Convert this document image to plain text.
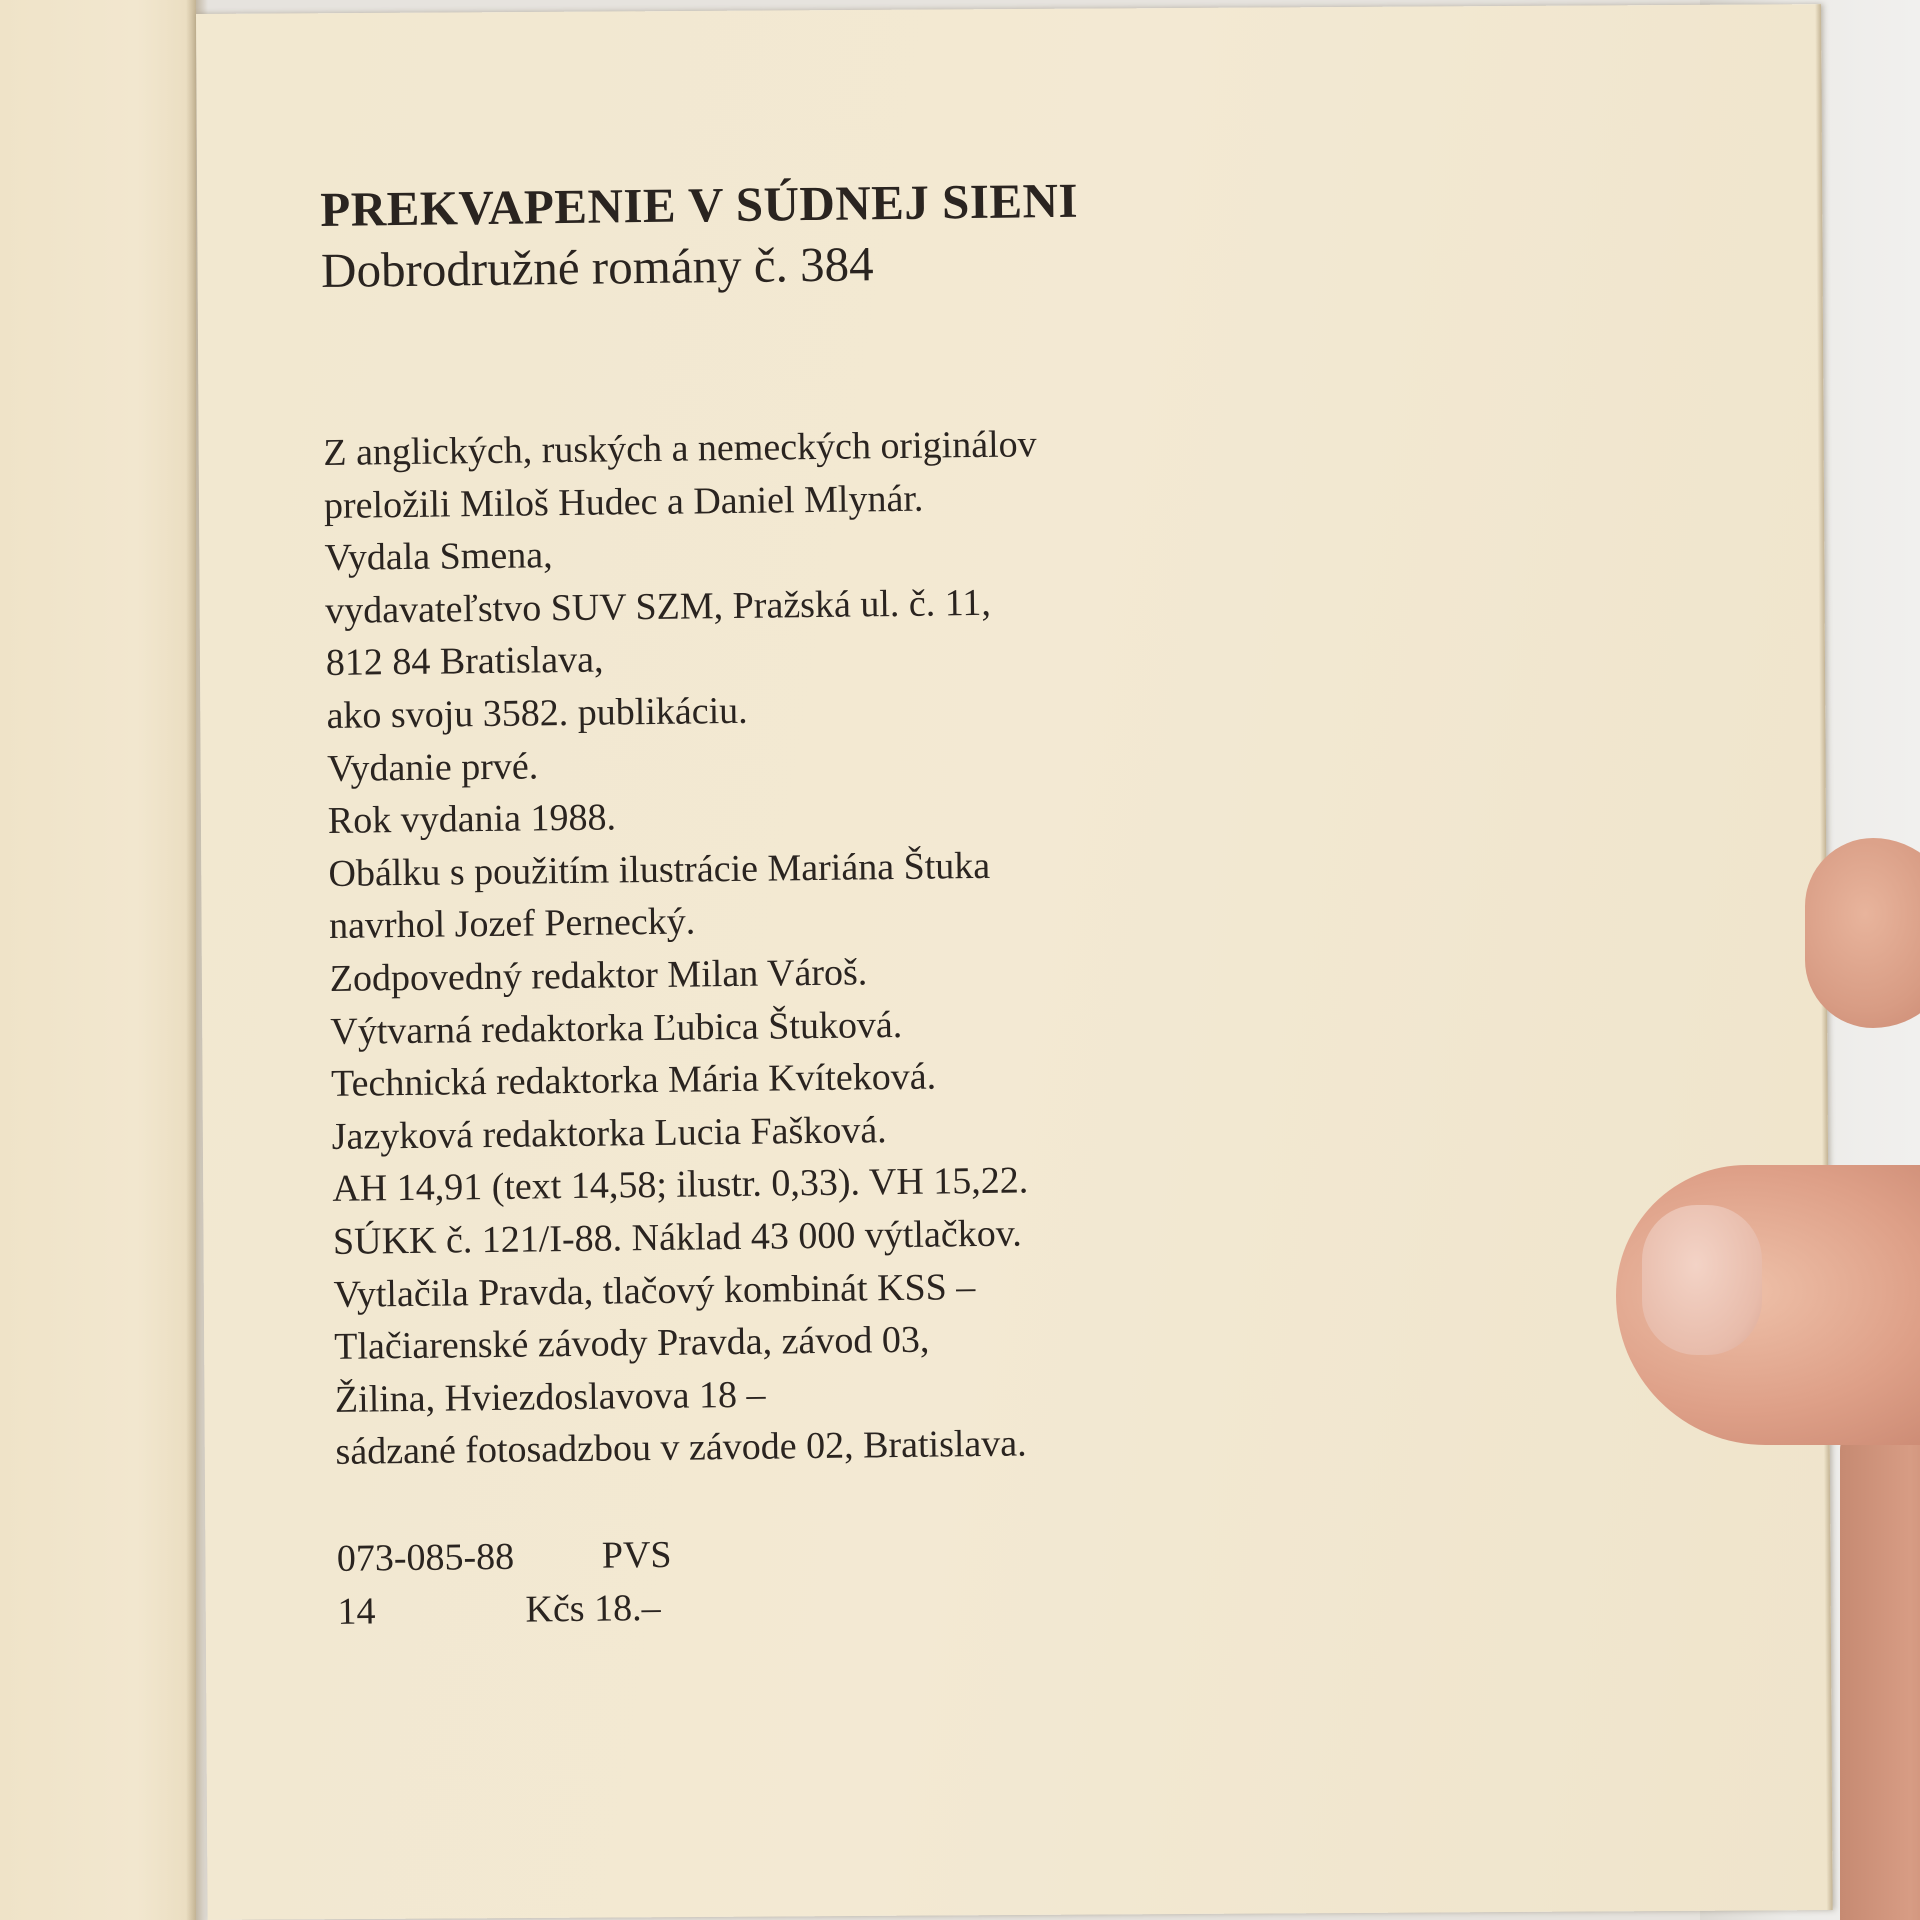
PREKVAPENIE V SÚDNEJ SIENI

Dobrodružné romány č. 384

Z anglických, ruských a nemeckých originálov
preložili Miloš Hudec a Daniel Mlynár.
Vydala Smena,
vydavateľstvo SUV SZM, Pražská ul. č. 11,
812 84 Bratislava,
ako svoju 3582. publikáciu.
Vydanie prvé.
Rok vydania 1988.
Obálku s použitím ilustrácie Mariána Štuka
navrhol Jozef Pernecký.
Zodpovedný redaktor Milan Vároš.
Výtvarná redaktorka Ľubica Štuková.
Technická redaktorka Mária Kvíteková.
Jazyková redaktorka Lucia Fašková.
AH 14,91 (text 14,58; ilustr. 0,33). VH 15,22.
SÚKK č. 121/I-88. Náklad 43 000 výtlačkov.
Vytlačila Pravda, tlačový kombinát KSS –
Tlačiarenské závody Pravda, závod 03,
Žilina, Hviezdoslavova 18 –
sádzané fotosadzbou v závode 02, Bratislava.
073-085-88	PVS
14	Kčs 18.–
